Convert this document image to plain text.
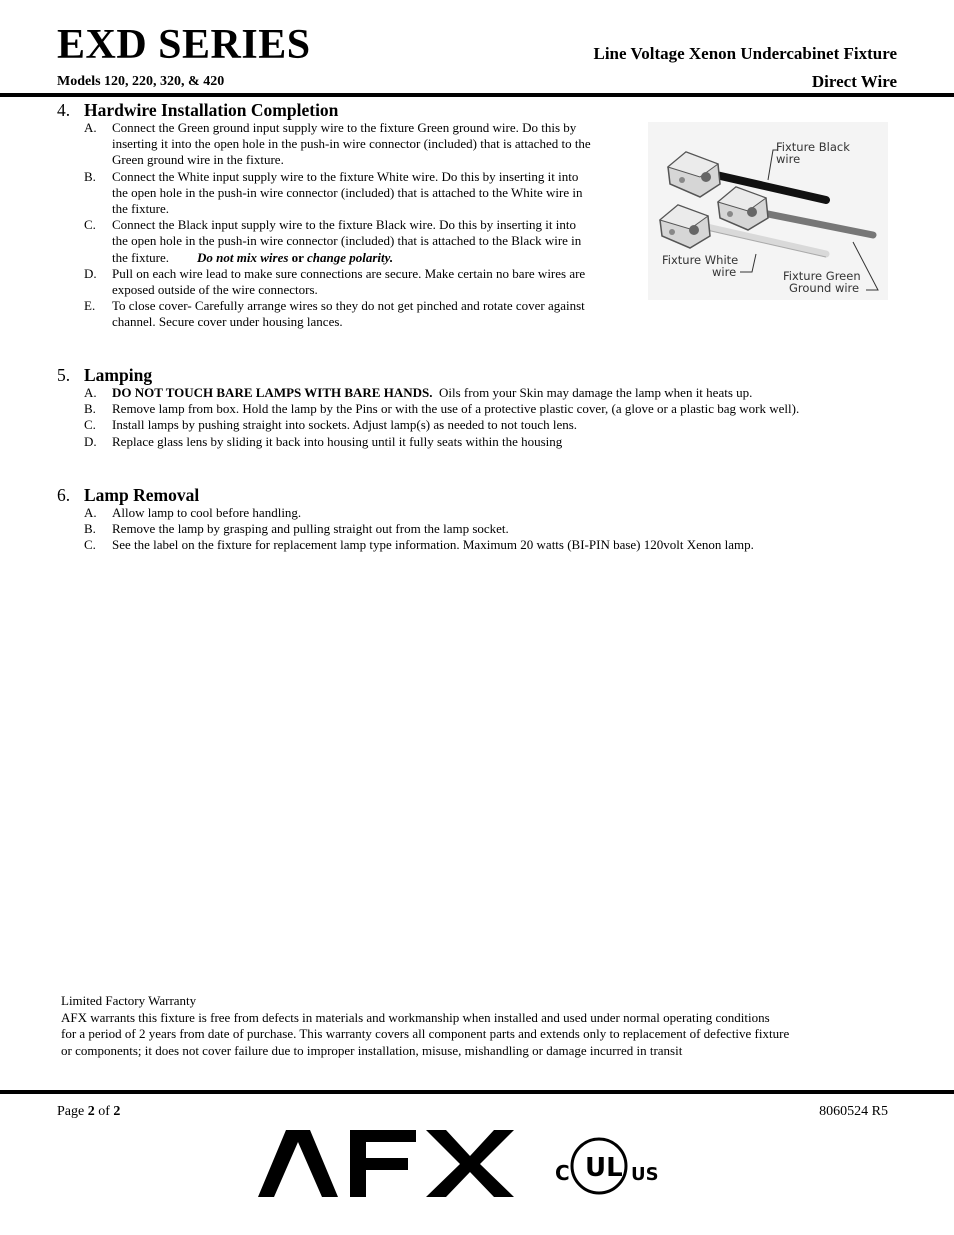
EXD SERIES	Line Voltage Xenon Undercabinet Fixture
Models 120, 220, 320, & 420	Direct Wire
4. Hardwire Installation Completion
A.	Connect the Green ground input supply wire to the fixture Green ground wire. Do this by
inserting it into the open hole in the push-in wire connector (included) that is attached to the
Green ground wire in the fixture.
B.	Connect the White input supply wire to the fixture White wire. Do this by inserting it into
the open hole in the push-in wire connector (included) that is attached to the White wire in
the fixture.
C.	Connect the Black input supply wire to the fixture Black wire. Do this by inserting it into
the open hole in the push-in wire connector (included) that is attached to the Black wire in
the fixture. Do not mix wires or change polarity.
D.	Pull on each wire lead to make sure connections are secure. Make certain no bare wires are
exposed outside of the wire connectors.
E.	To close cover- Carefully arrange wires so they do not get pinched and rotate cover against
channel. Secure cover under housing lances.
Fixture Black
wire
Fixture White
wire	Fixture Green
Ground wire
5. Lamping
A.	DO NOT TOUCH BARE LAMPS WITH BARE HANDS.  Oils from your Skin may damage the lamp when it heats up.
B.	Remove lamp from box. Hold the lamp by the Pins or with the use of a protective plastic cover, (a glove or a plastic bag work well).
C.	Install lamps by pushing straight into sockets. Adjust lamp(s) as needed to not touch lens.
D.	Replace glass lens by sliding it back into housing until it fully seats within the housing
6. Lamp Removal
A.	Allow lamp to cool before handling.
B.	Remove the lamp by grasping and pulling straight out from the lamp socket.
C.	See the label on the fixture for replacement lamp type information. Maximum 20 watts (BI-PIN base) 120volt Xenon lamp.
Limited Factory Warranty
AFX warrants this fixture is free from defects in materials and workmanship when installed and used under normal operating conditions
for a period of 2 years from date of purchase. This warranty covers all component parts and extends only to replacement of defective fixture
or components; it does not cover failure due to improper installation, misuse, mishandling or damage incurred in transit
Page 2 of 2	8060524 R5
C UL US
